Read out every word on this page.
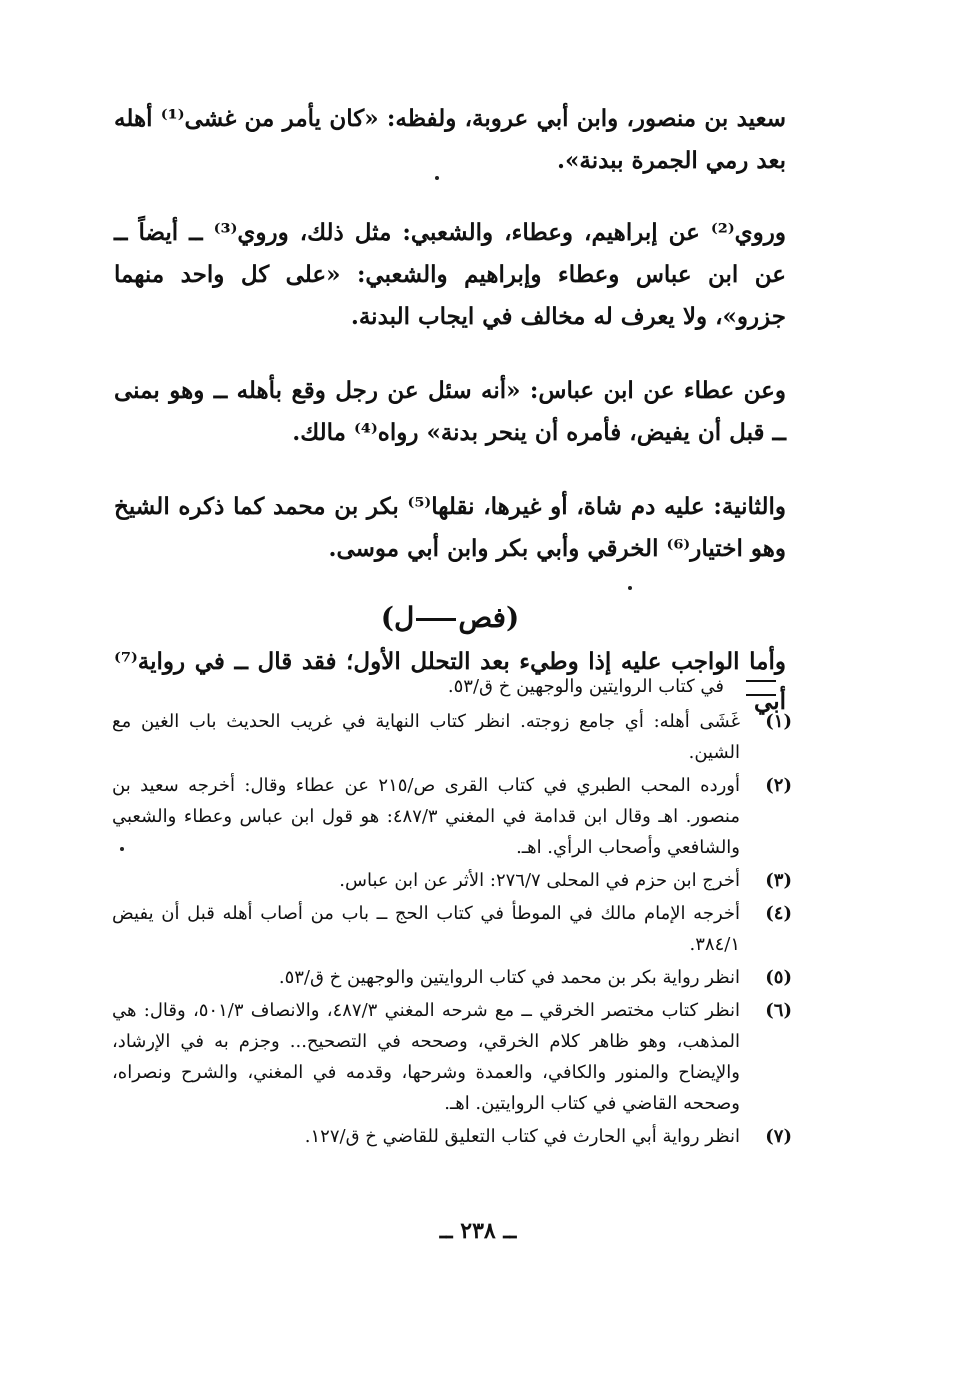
سعيد بن منصور، وابن أبي عروبة، ولفظه: «كان يأمر من غشى⁽¹⁾ أهله بعد رمي الجمرة ببدنة».

وروي⁽²⁾ عن إبراهيم، وعطاء، والشعبي: مثل ذلك، وروي⁽³⁾ ــ أيضاً ــ عن ابن عباس وعطاء وإبراهيم والشعبي: «على كل واحد منهما جزرو»، ولا يعرف له مخالف في ايجاب البدنة.

وعن عطاء عن ابن عباس: «أنه سئل عن رجل وقع بأهله ــ وهو بمنى ــ قبل أن يفيض، فأمره أن ينحر بدنة» رواه⁽⁴⁾ مالك.

والثانية: عليه دم شاة، أو غيرها، نقلها⁽⁵⁾ بكر بن محمد كما ذكره الشيخ وهو اختيار⁽⁶⁾ الخرقي وأبي بكر وابن أبي موسى.

(فصل)

وأما الواجب عليه إذا وطيء بعد التحلل الأول؛ فقد قال ــ في رواية⁽⁷⁾ أبي

في كتاب الروايتين والوجهين خ ق/٥٣.
(١)
غَشَى أهله: أي جامع زوجته. انظر كتاب النهاية في غريب الحديث باب الغين مع الشين.
(٢)
أورده المحب الطبري في كتاب القرى ص/٢١٥ عن عطاء وقال: أخرجه سعيد بن منصور. اهـ وقال ابن قدامة في المغني ٤٨٧/٣: هو قول ابن عباس وعطاء والشعبي والشافعي وأصحاب الرأي. اهـ.
(٣)
أخرج ابن حزم في المحلى ٢٧٦/٧: الأثر عن ابن عباس.
(٤)
أخرجه الإمام مالك في الموطأ في كتاب الحج ــ باب من أصاب أهله قبل أن يفيض ٣٨٤/١.
(٥)
انظر رواية بكر بن محمد في كتاب الروايتين والوجهين خ ق/٥٣.
(٦)
انظر كتاب مختصر الخرقي ــ مع شرحه المغني ٤٨٧/٣، والانصاف ٥٠١/٣، وقال: هي المذهب، وهو ظاهر كلام الخرقي، وصححه في التصحيح... وجزم به في الإرشاد، والإيضاح والمنور والكافي، والعمدة وشرحها، وقدمه في المغني، والشرح ونصراه، وصححه القاضي في كتاب الروايتين. اهـ.
(٧)
انظر رواية أبي الحارث في كتاب التعليق للقاضي خ ق/١٢٧.
ــ ٢٣٨ ــ
